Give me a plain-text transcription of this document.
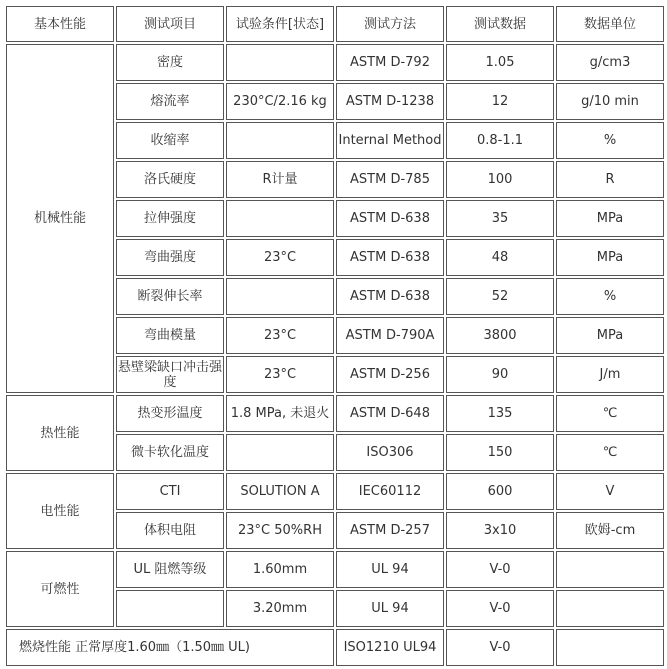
基本性能	测试项目	试验条件[状态]	测试方法	测试数据	数据单位
机械性能	密度		ASTM D-792	1.05	g/cm3
	熔流率	230°C/2.16 kg	ASTM D-1238	12	g/10 min
	收缩率		Internal Method	0.8-1.1	%
	洛氏硬度	R计量	ASTM D-785	100	R
	拉伸强度		ASTM D-638	35	MPa
	弯曲强度	23°C	ASTM D-638	48	MPa
	断裂伸长率		ASTM D-638	52	%
	弯曲模量	23°C	ASTM D-790A	3800	MPa
	悬壁梁缺口冲击强度	23°C	ASTM D-256	90	J/m
热性能	热变形温度	1.8 MPa, 未退火	ASTM D-648	135	℃
	微卡软化温度		ISO306	150	℃
电性能	CTI	SOLUTION A	IEC60112	600	V
	体积电阻	23°C 50%RH	ASTM D-257	3x10	欧姆-cm
可燃性	UL 阻燃等级	1.60mm	UL 94	V-0	
		3.20mm	UL 94	V-0	
燃烧性能 正常厚度1.60㎜（1.50㎜ UL)			ISO1210 UL94	V-0	
